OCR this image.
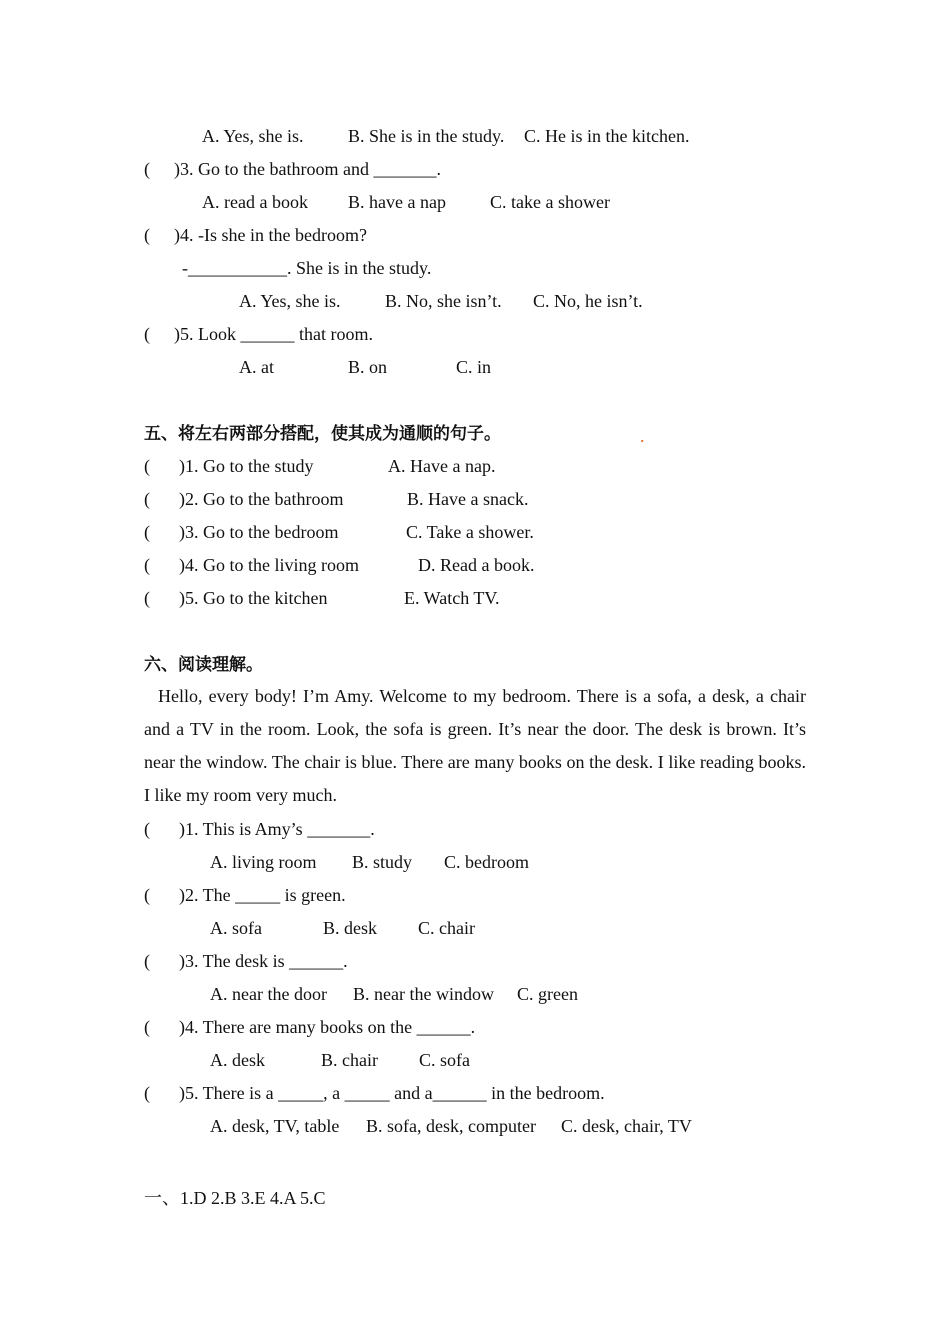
A. Yes, she is. B. She is in the study. C. He is in the kitchen.
( )3. Go to the bathroom and _______.
A. read a book B. have a nap C. take a shower
( )4. -Is she in the bedroom?
-___________. She is in the study.
A. Yes, she is. B. No, she isn’t. C. No, he isn’t.
( )5. Look ______ that room.
A. at	B. on	C. in
五、将左右两部分搭配，使其成为通顺的句子。	.
( )1. Go to the study	A. Have a nap.
( )2. Go to the bathroom	B. Have a snack.
( )3. Go to the bedroom	C. Take a shower.
( )4. Go to the living room	D. Read a book.
( )5. Go to the kitchen	E. Watch TV.
六、阅读理解。
Hello, every body! I’m Amy. Welcome to my bedroom. There is a sofa, a desk, a chair and a TV in the room. Look, the sofa is green. It’s near the door. The desk is brown. It’s near the window. The chair is blue. There are many books on the desk. I like reading books. I like my room very much.
( )1. This is Amy’s _______.
A. living room B. study C. bedroom
( )2. The _____ is green.
A. sofa	B. desk C. chair
( )3. The desk is ______.
A. near the door B. near the window C. green
( )4. There are many books on the ______.
A. desk	B. chair C. sofa
( )5. There is a _____, a _____ and a______ in the bedroom.
A. desk, TV, table B. sofa, desk, computer C. desk, chair, TV
一、1.D 2.B 3.E 4.A 5.C
